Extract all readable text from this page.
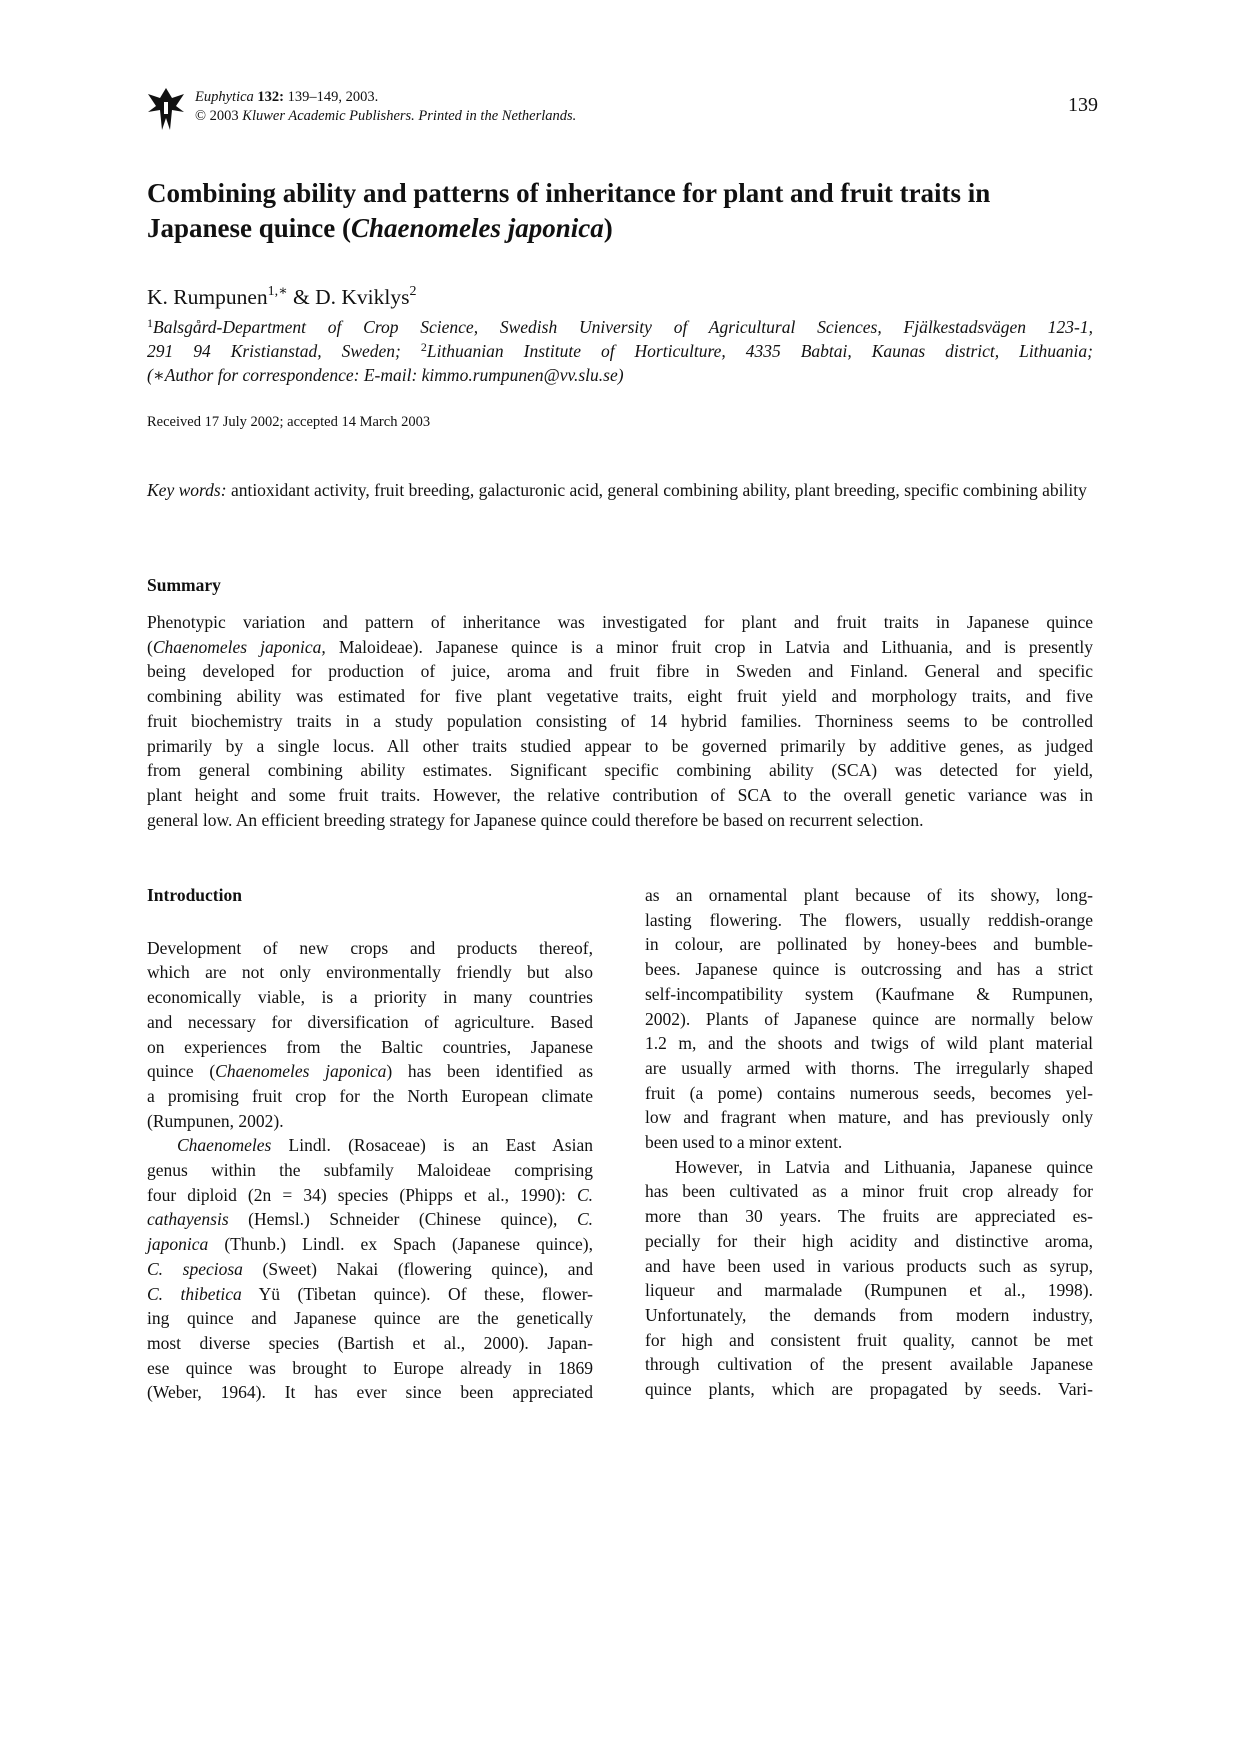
Euphytica 132: 139–149, 2003.
© 2003 Kluwer Academic Publishers. Printed in the Netherlands.	139
Combining ability and patterns of inheritance for plant and fruit traits in
Japanese quince (Chaenomeles japonica)
K. Rumpunen$^{1,∗}$ & D. Kviklys$^2$
$^1$Balsgård-Department of Crop Science, Swedish University of Agricultural Sciences, Fjälkestadsvägen 123-1,
291 94 Kristianstad, Sweden; $^2$Lithuanian Institute of Horticulture, 4335 Babtai, Kaunas district, Lithuania;
(∗Author for correspondence: E-mail: kimmo.rumpunen@vv.slu.se)
Received 17 July 2002; accepted 14 March 2003
Key words: antioxidant activity, fruit breeding, galacturonic acid, general combining ability, plant breeding, specific combining ability
Summary
Phenotypic variation and pattern of inheritance was investigated for plant and fruit traits in Japanese quince
(Chaenomeles japonica, Maloideae). Japanese quince is a minor fruit crop in Latvia and Lithuania, and is presently
being developed for production of juice, aroma and fruit fibre in Sweden and Finland. General and specific
combining ability was estimated for five plant vegetative traits, eight fruit yield and morphology traits, and five
fruit biochemistry traits in a study population consisting of 14 hybrid families. Thorniness seems to be controlled
primarily by a single locus. All other traits studied appear to be governed primarily by additive genes, as judged
from general combining ability estimates. Significant specific combining ability (SCA) was detected for yield,
plant height and some fruit traits. However, the relative contribution of SCA to the overall genetic variance was in
general low. An efficient breeding strategy for Japanese quince could therefore be based on recurrent selection.
Introduction
Development of new crops and products thereof,
which are not only environmentally friendly but also
economically viable, is a priority in many countries
and necessary for diversification of agriculture. Based
on experiences from the Baltic countries, Japanese
quince (Chaenomeles japonica) has been identified as
a promising fruit crop for the North European climate
(Rumpunen, 2002).
Chaenomeles Lindl. (Rosaceae) is an East Asian
genus within the subfamily Maloideae comprising
four diploid (2n = 34) species (Phipps et al., 1990): C.
cathayensis (Hemsl.) Schneider (Chinese quince), C.
japonica (Thunb.) Lindl. ex Spach (Japanese quince),
C. speciosa (Sweet) Nakai (flowering quince), and
C. thibetica Yü (Tibetan quince). Of these, flower-
ing quince and Japanese quince are the genetically
most diverse species (Bartish et al., 2000). Japan-
ese quince was brought to Europe already in 1869
(Weber, 1964). It has ever since been appreciated
as an ornamental plant because of its showy, long-
lasting flowering. The flowers, usually reddish-orange
in colour, are pollinated by honey-bees and bumble-
bees. Japanese quince is outcrossing and has a strict
self-incompatibility system (Kaufmane & Rumpunen,
2002). Plants of Japanese quince are normally below
1.2 m, and the shoots and twigs of wild plant material
are usually armed with thorns. The irregularly shaped
fruit (a pome) contains numerous seeds, becomes yel-
low and fragrant when mature, and has previously only
been used to a minor extent.
However, in Latvia and Lithuania, Japanese quince
has been cultivated as a minor fruit crop already for
more than 30 years. The fruits are appreciated es-
pecially for their high acidity and distinctive aroma,
and have been used in various products such as syrup,
liqueur and marmalade (Rumpunen et al., 1998).
Unfortunately, the demands from modern industry,
for high and consistent fruit quality, cannot be met
through cultivation of the present available Japanese
quince plants, which are propagated by seeds. Vari-
